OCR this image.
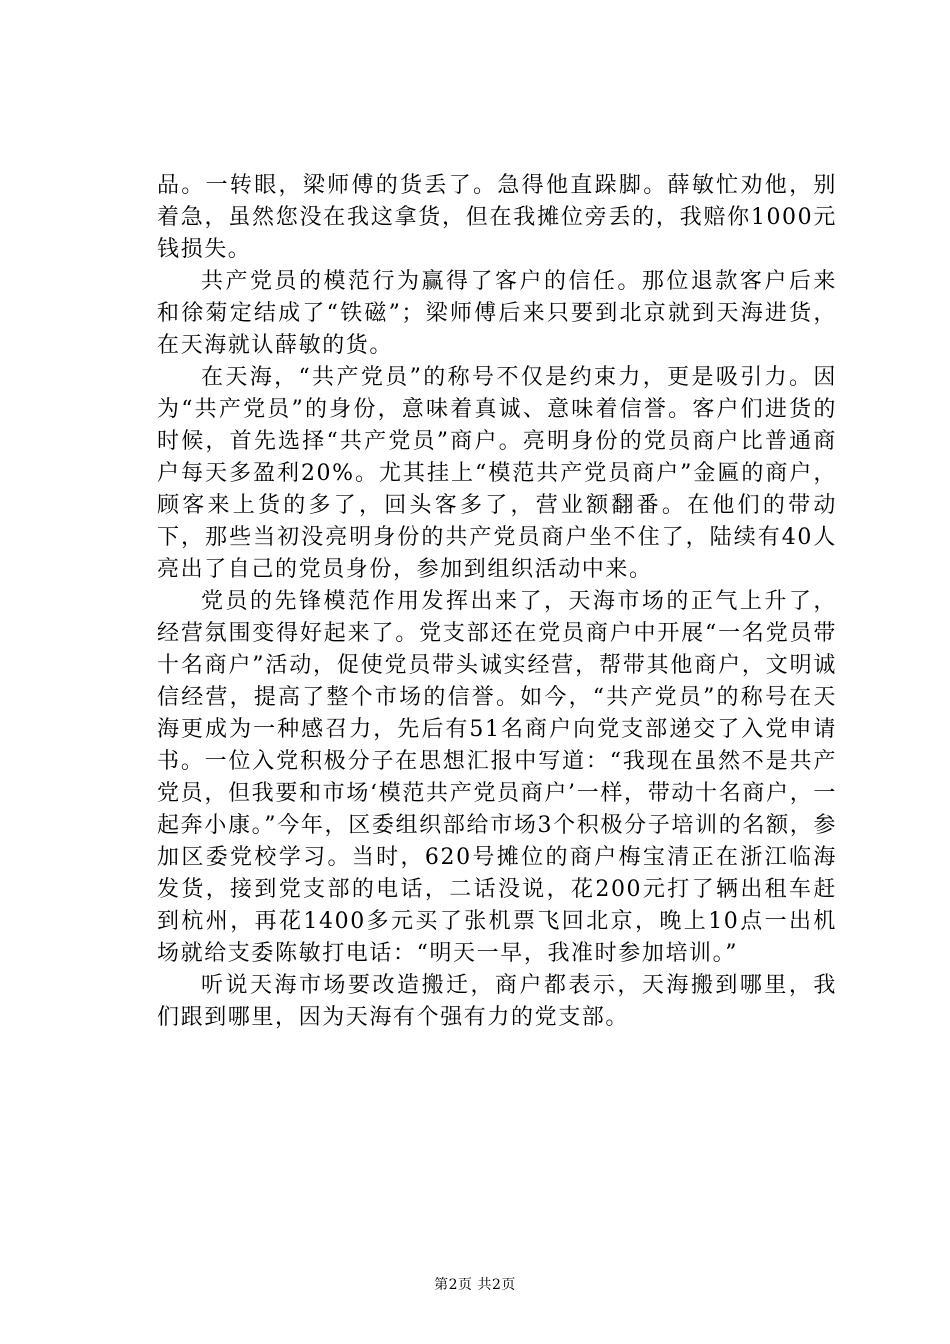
品。一转眼，梁师傅的货丢了。急得他直跺脚。薛敏忙劝他，别着急，虽然您没在我这拿货，但在我摊位旁丢的，我赔你1000元钱损失。

共产党员的模范行为赢得了客户的信任。那位退款客户后来和徐菊定结成了“铁磁”；梁师傅后来只要到北京就到天海进货，在天海就认薛敏的货。

在天海，“共产党员”的称号不仅是约束力，更是吸引力。因为“共产党员”的身份，意味着真诚、意味着信誉。客户们进货的时候，首先选择“共产党员”商户。亮明身份的党员商户比普通商户每天多盈利20%。尤其挂上“模范共产党员商户”金匾的商户，顾客来上货的多了，回头客多了，营业额翻番。在他们的带动下，那些当初没亮明身份的共产党员商户坐不住了，陆续有40人亮出了自己的党员身份，参加到组织活动中来。

党员的先锋模范作用发挥出来了，天海市场的正气上升了，经营氛围变得好起来了。党支部还在党员商户中开展“一名党员带十名商户”活动，促使党员带头诚实经营，帮带其他商户，文明诚信经营，提高了整个市场的信誉。如今，“共产党员”的称号在天海更成为一种感召力，先后有51名商户向党支部递交了入党申请书。一位入党积极分子在思想汇报中写道：“我现在虽然不是共产党员，但我要和市场‘模范共产党员商户’一样，带动十名商户，一起奔小康。”今年，区委组织部给市场3个积极分子培训的名额，参加区委党校学习。当时，620号摊位的商户梅宝清正在浙江临海发货，接到党支部的电话，二话没说，花200元打了辆出租车赶到杭州，再花1400多元买了张机票飞回北京，晚上10点一出机场就给支委陈敏打电话：“明天一早，我准时参加培训。”

听说天海市场要改造搬迁，商户都表示，天海搬到哪里，我们跟到哪里，因为天海有个强有力的党支部。

第2页 共2页
